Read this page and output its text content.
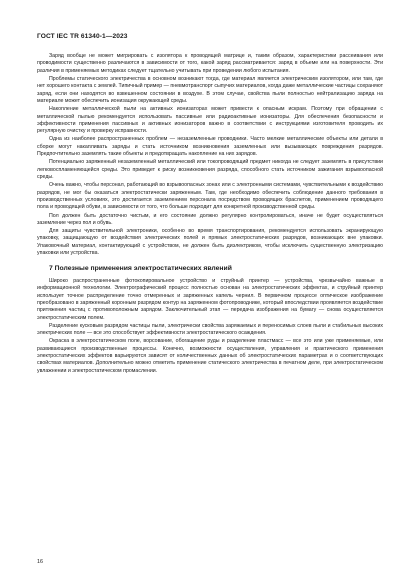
ГОСТ IEC TR 61340-1—2023

Заряд вообще не может мигрировать с изолятора к проводящей матрице и, таким образом, характеристики рассеивания или проводимости существенно различаются в зависимости от того, какой заряд рассматривается: заряд в объеме или на поверхности. Эти различия в применяемых методиках следует тщательно учитывать при проведении любого испытания.

Проблемы статического электричества в основном возникают тогда, где материал является электрическим изолятором, или там, где нет хорошего контакта с землей. Типичный пример — пневмотранспорт сыпучих материалов, когда даже металлические частицы сохраняют заряд, если они находятся во взвешенном состоянии в воздухе. В этом случае, свойства пыли полностью нейтрализацию заряда на материале может обеспечить ионизация окружающей среды.

Накопление металлической пыли на активных ионизаторах может привести к опасным искрам. Поэтому при обращении с металлической пылью рекомендуется использовать пассивные или радиоактивные ионизаторы. Для обеспечения безопасности и эффективности применения пассивных и активных ионизаторов важно в соответствии с инструкциями изготовителя проводить их регулярную очистку и проверку исправности.

Одна из наиболее распространенных проблем — незаземленные проводники. Часто мелкие металлические объекты или детали в сборке могут накапливать заряды и стать источником возникновения заземленных или вызывающих повреждения разрядов. Предпочтительно заземлять такие объекты и предотвращать накопление на них зарядов.

Потенциально заряженный незаземленный металлический или токопроводящий предмет никогда не следует заземлять в присутствии легковоспламеняющейся среды. Это приведет к риску возникновения разряда, способного стать источником зажигания взрывоопасной среды.

Очень важно, чтобы персонал, работающий во взрывоопасных зонах или с электронными системами, чувствительными к воздействию разрядов, не мог бы оказаться электростатически заряженным. Там, где необходимо обеспечить соблюдение данного требования в производственных условиях, это достигается заземлением персонала посредством проводящих браслетов, применением проводящего пола и проводящей обуви, в зависимости от того, что больше подходит для конкретной производственной среды.

Пол должен быть достаточно чистым, и его состояние должно регулярно контролироваться, иначе не будет осуществляться заземление через пол и обувь.

Для защиты чувствительной электроники, особенно во время транспортирования, рекомендуется использовать экранирующую упаковку, защищающую от воздействия электрических полей и прямых электростатических разрядов, возникающих вне упаковки. Упаковочный материал, контактирующий с устройством, не должен быть диэлектриком, чтобы исключить существенную электризацию упаковки или устройства.

7 Полезные применения электростатических явлений

Широко распространенные фотокопировальное устройство и струйный принтер — устройства, чрезвычайно важные в информационной технологии. Электрографический процесс полностью основан на электростатических эффектах, и струйный принтер использует точное распределение точно отмеренных и заряженных капель чернил. В первичном процессе оптическое изображение преобразовано в заряженный коронным разрядом контур на заряженном фотопроводнике, который впоследствии проявляется воздействие притяжения частиц с противоположным зарядом. Заключительный этап — передача изображения на бумагу — снова осуществляется электростатическим полем.

Разделение кусковым разрядом частицы пыли, электрически свойства заряжаемых и переносимых слоев пыли и стабильных высоких электрических поле — все это способствует эффективности электростатического осаждения.

Окраска в электростатическом поле, ворсование, обогащение руды и разделение пластмасс — все это или уже применяемые, или развивающиеся производственные процессы. Конечно, возможности осуществления, управления и практического применения электростатических эффектов варьируются зависят от количественных данных об электростатических параметрах и о соответствующих свойствах материалов. Дополнительно можно отметить применение статического электричества в печатном деле, при электростатическом увлажнении и электростатическом промаслении.

16
